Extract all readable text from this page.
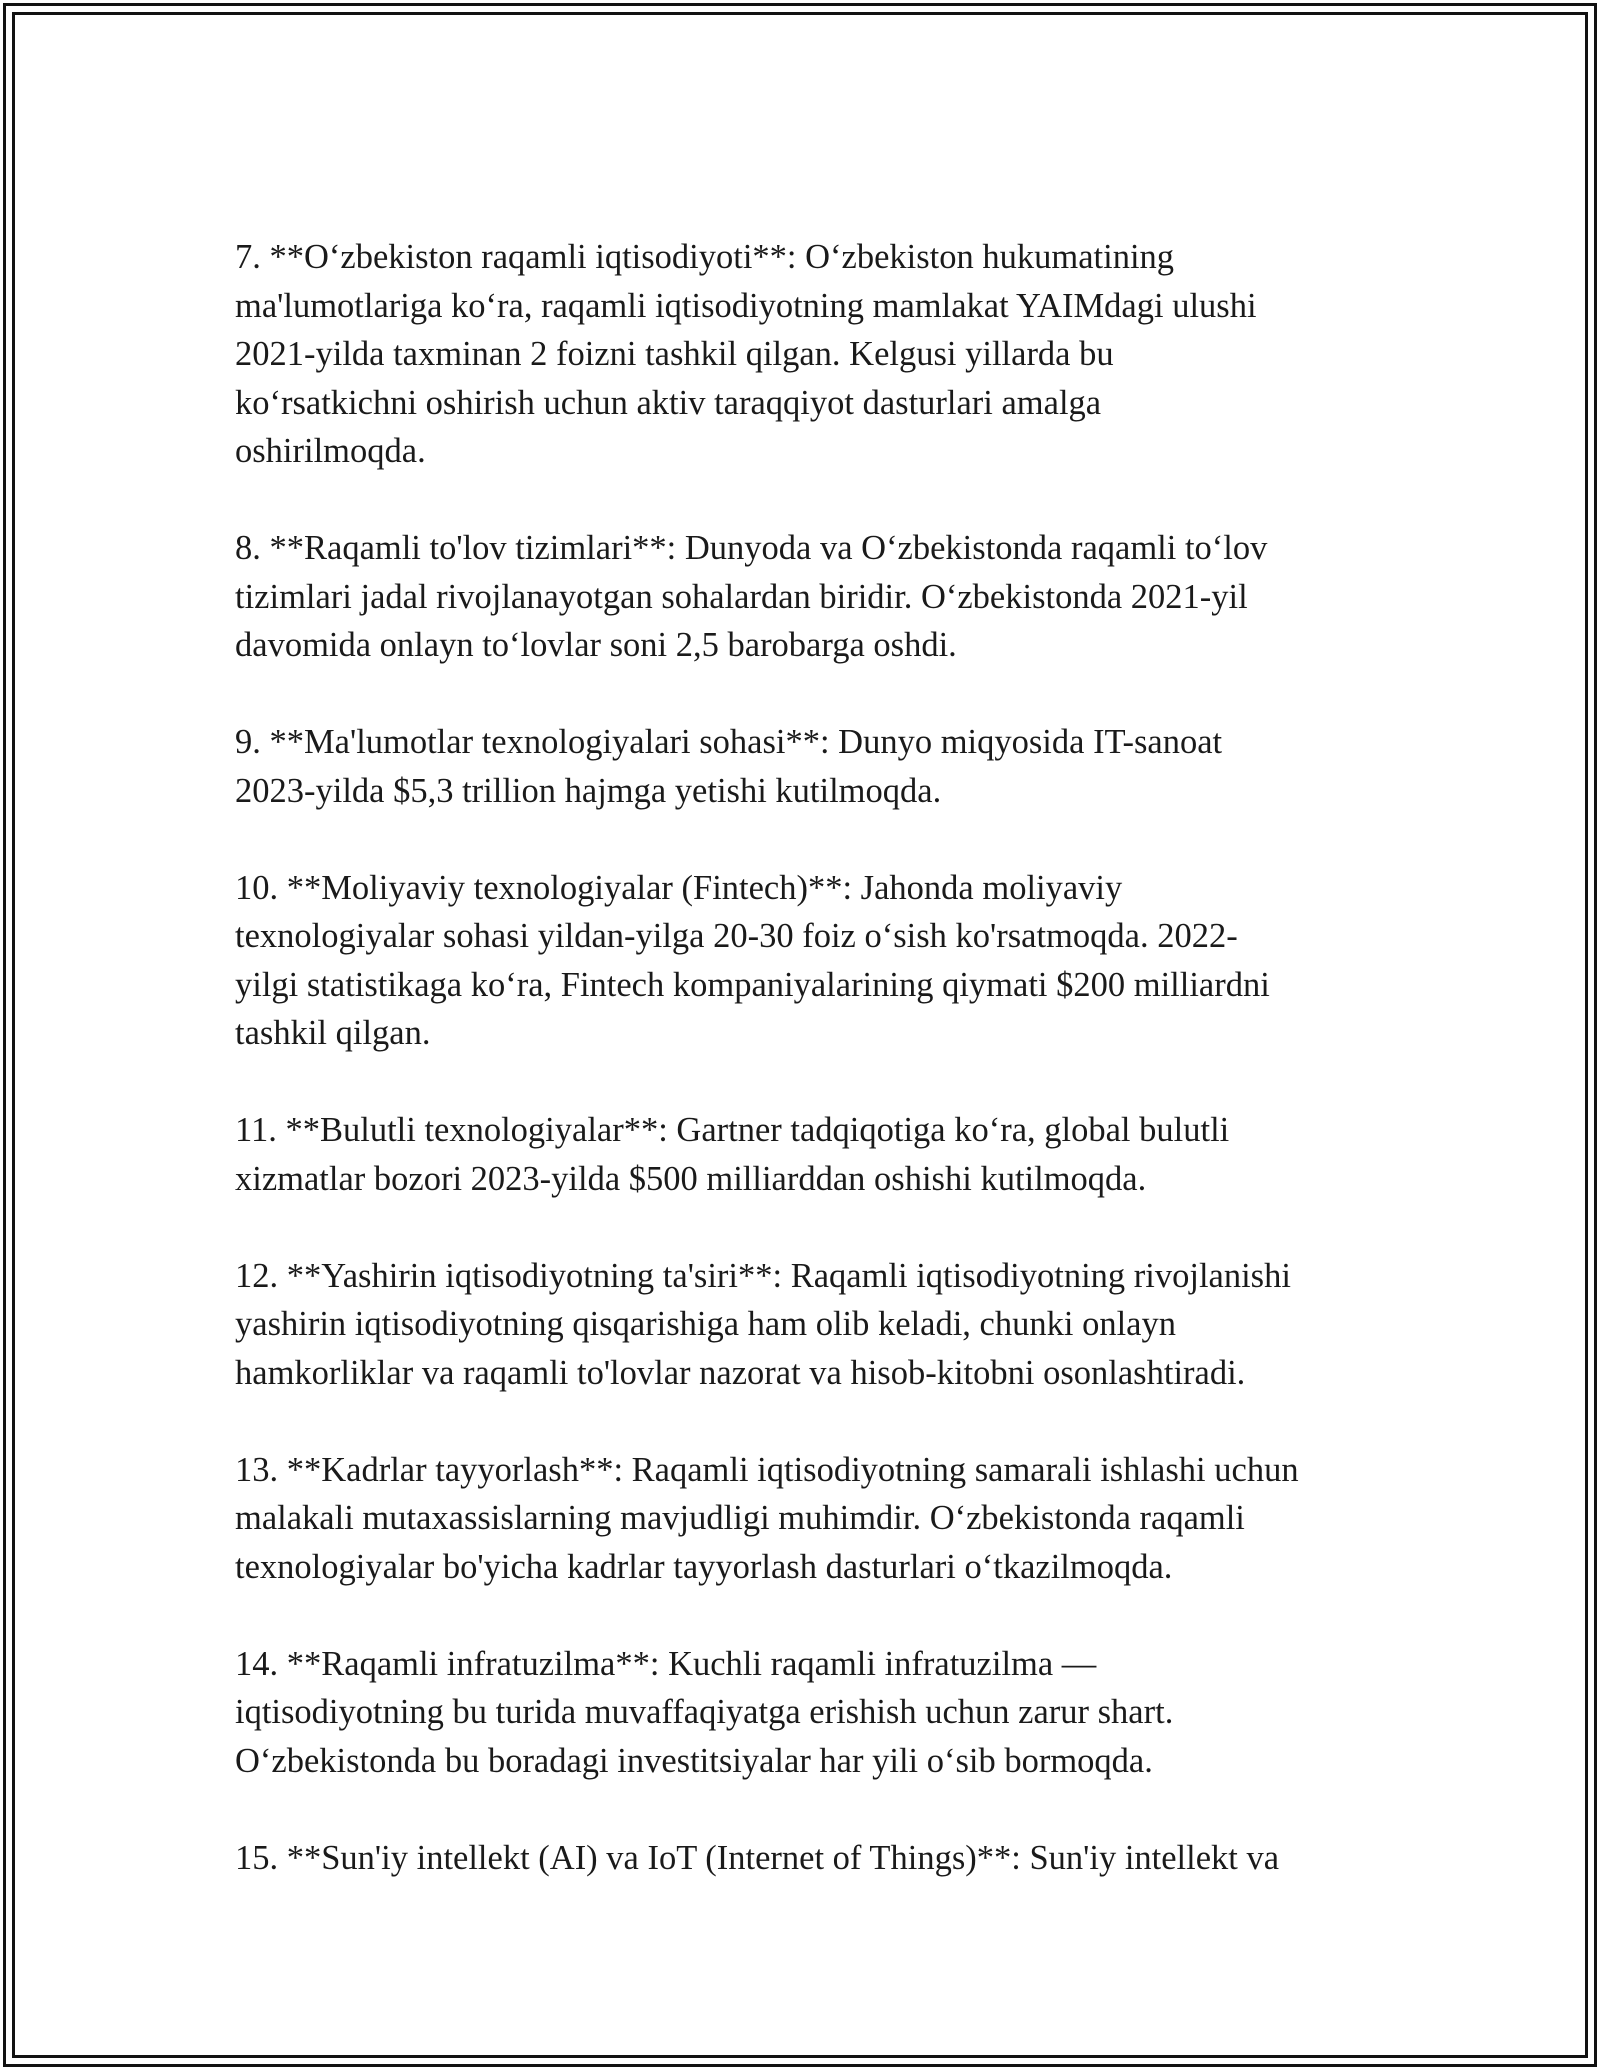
7. **O‘zbekiston raqamli iqtisodiyoti**: O‘zbekiston hukumatining
ma'lumotlariga ko‘ra, raqamli iqtisodiyotning mamlakat YAIMdagi ulushi
2021-yilda taxminan 2 foizni tashkil qilgan. Kelgusi yillarda bu
ko‘rsatkichni oshirish uchun aktiv taraqqiyot dasturlari amalga
oshirilmoqda.

8. **Raqamli to'lov tizimlari**: Dunyoda va O‘zbekistonda raqamli to‘lov
tizimlari jadal rivojlanayotgan sohalardan biridir. O‘zbekistonda 2021-yil
davomida onlayn to‘lovlar soni 2,5 barobarga oshdi.

9. **Ma'lumotlar texnologiyalari sohasi**: Dunyo miqyosida IT-sanoat
2023-yilda $5,3 trillion hajmga yetishi kutilmoqda.

10. **Moliyaviy texnologiyalar (Fintech)**: Jahonda moliyaviy
texnologiyalar sohasi yildan-yilga 20-30 foiz o‘sish ko'rsatmoqda. 2022-
yilgi statistikaga ko‘ra, Fintech kompaniyalarining qiymati $200 milliardni
tashkil qilgan.

11. **Bulutli texnologiyalar**: Gartner tadqiqotiga ko‘ra, global bulutli
xizmatlar bozori 2023-yilda $500 milliarddan oshishi kutilmoqda.

12. **Yashirin iqtisodiyotning ta'siri**: Raqamli iqtisodiyotning rivojlanishi
yashirin iqtisodiyotning qisqarishiga ham olib keladi, chunki onlayn
hamkorliklar va raqamli to'lovlar nazorat va hisob-kitobni osonlashtiradi.

13. **Kadrlar tayyorlash**: Raqamli iqtisodiyotning samarali ishlashi uchun
malakali mutaxassislarning mavjudligi muhimdir. O‘zbekistonda raqamli
texnologiyalar bo'yicha kadrlar tayyorlash dasturlari o‘tkazilmoqda.

14. **Raqamli infratuzilma**: Kuchli raqamli infratuzilma —
iqtisodiyotning bu turida muvaffaqiyatga erishish uchun zarur shart.
O‘zbekistonda bu boradagi investitsiyalar har yili o‘sib bormoqda.

15. **Sun'iy intellekt (AI) va IoT (Internet of Things)**: Sun'iy intellekt va
